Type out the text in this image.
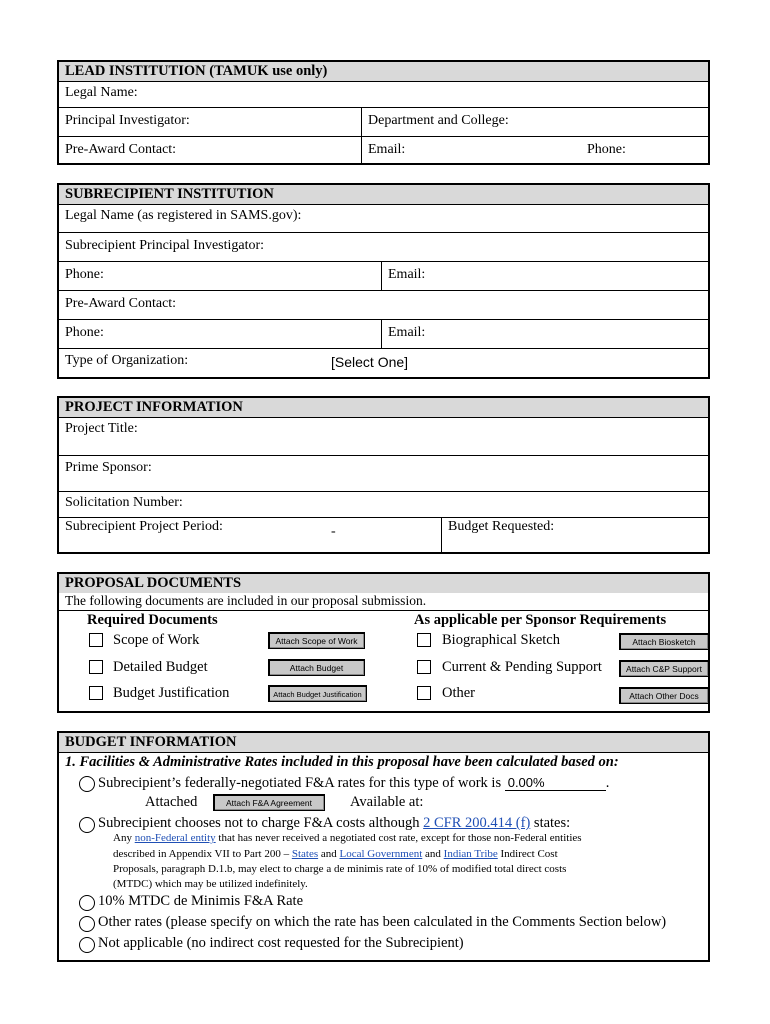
LEAD INSTITUTION (TAMUK use only)
Legal Name:
Principal Investigator:	Department and College:
Pre-Award Contact:	Email:	Phone:
SUBRECIPIENT INSTITUTION
Legal Name (as registered in SAMS.gov):
Subrecipient Principal Investigator:
Phone:	Email:
Pre-Award Contact:
Phone:	Email:
Type of Organization:	[Select One]
PROJECT INFORMATION
Project Title:
Prime Sponsor:
Solicitation Number:
Subrecipient Project Period:	-	Budget Requested:
PROPOSAL DOCUMENTS
The following documents are included in our proposal submission.
Required Documents	As applicable per Sponsor Requirements
Scope of Work	Attach Scope of Work
Detailed Budget	Attach Budget
Budget Justification	Attach Budget Justification
Biographical Sketch	Attach Biosketch
Current & Pending Support	Attach C&P Support
Other	Attach Other Docs
BUDGET INFORMATION
1. Facilities & Administrative Rates included in this proposal have been calculated based on:
Subrecipient’s federally-negotiated F&A rates for this type of work is 0.00%	.
Attached	Attach F&A Agreement	Available at:
Subrecipient chooses not to charge F&A costs although 2 CFR 200.414 (f) states:
Any non-Federal entity that has never received a negotiated cost rate, except for those non-Federal entities
described in Appendix VII to Part 200 – States and Local Government and Indian Tribe Indirect Cost
Proposals, paragraph D.1.b, may elect to charge a de minimis rate of 10% of modified total direct costs
(MTDC) which may be utilized indefinitely.
10% MTDC de Minimis F&A Rate
Other rates (please specify on which the rate has been calculated in the Comments Section below)
Not applicable (no indirect cost requested for the Subrecipient)
